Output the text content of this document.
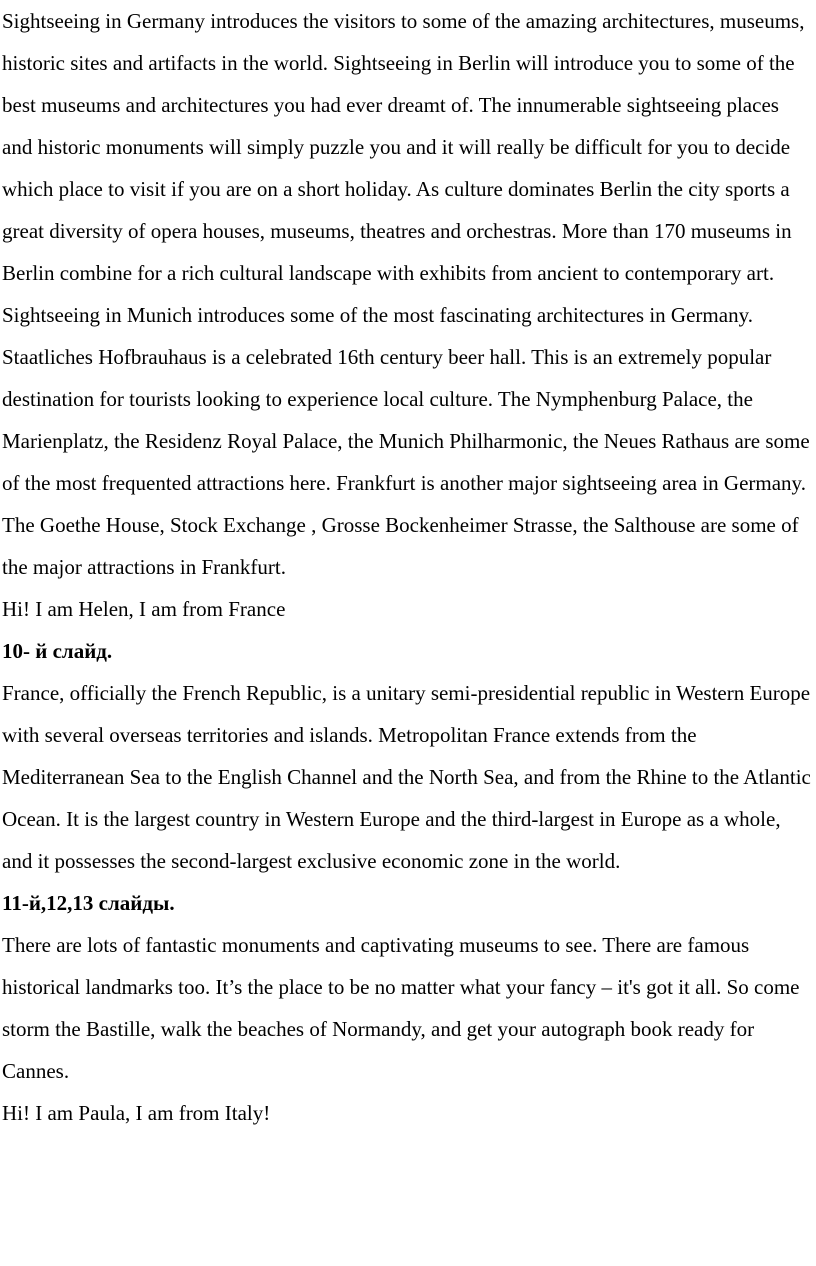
Sightseeing in Germany introduces the visitors to some of the amazing architectures, museums, historic sites and artifacts in the world. Sightseeing in Berlin will introduce you to some of the best museums and architectures you had ever dreamt of. The innumerable sightseeing places and historic monuments will simply puzzle you and it will really be difficult for you to decide which place to visit if you are on a short holiday. As culture dominates Berlin the city sports a great diversity of opera houses, museums, theatres and orchestras. More than 170 museums in Berlin combine for a rich cultural landscape with exhibits from ancient to contemporary art. Sightseeing in Munich introduces some of the most fascinating architectures in Germany. Staatliches Hofbrauhaus is a celebrated 16th century beer hall. This is an extremely popular destination for tourists looking to experience local culture. The Nymphenburg Palace, the Marienplatz, the Residenz Royal Palace, the Munich Philharmonic, the Neues Rathaus are some of the most frequented attractions here. Frankfurt is another major sightseeing area in Germany. The Goethe House, Stock Exchange , Grosse Bockenheimer Strasse, the Salthouse are some of the major attractions in Frankfurt.

Hi! I am Helen, I am from France

10- й слайд.

France, officially the French Republic, is a unitary semi-presidential republic in Western Europe with several overseas territories and islands. Metropolitan France extends from the Mediterranean Sea to the English Channel and the North Sea, and from the Rhine to the Atlantic Ocean. It is the largest country in Western Europe and the third-largest in Europe as a whole, and it possesses the second-largest exclusive economic zone in the world.

11-й,12,13 слайды.

There are lots of fantastic monuments and captivating museums to see. There are famous historical landmarks too. It’s the place to be no matter what your fancy – it's got it all. So come storm the Bastille, walk the beaches of Normandy, and get your autograph book ready for Cannes.

Hi! I am Paula, I am from Italy!
